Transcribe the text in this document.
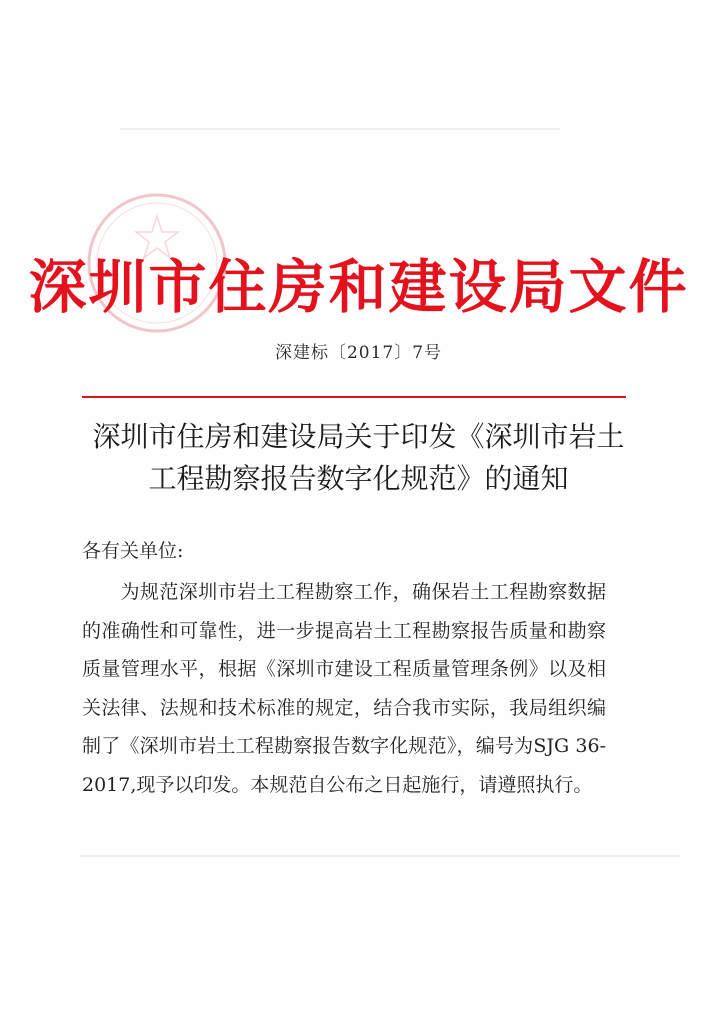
深圳市住房和建设局文件
深建标〔2017〕7号
深圳市住房和建设局关于印发《深圳市岩土
工程勘察报告数字化规范》的通知
各有关单位:
为规范深圳市岩土工程勘察工作，确保岩土工程勘察数据的准确性和可靠性，进一步提高岩土工程勘察报告质量和勘察质量管理水平，根据《深圳市建设工程质量管理条例》以及相关法律、法规和技术标准的规定，结合我市实际，我局组织编制了《深圳市岩土工程勘察报告数字化规范》，编号为SJG 36-2017,现予以印发。本规范自公布之日起施行，请遵照执行。
